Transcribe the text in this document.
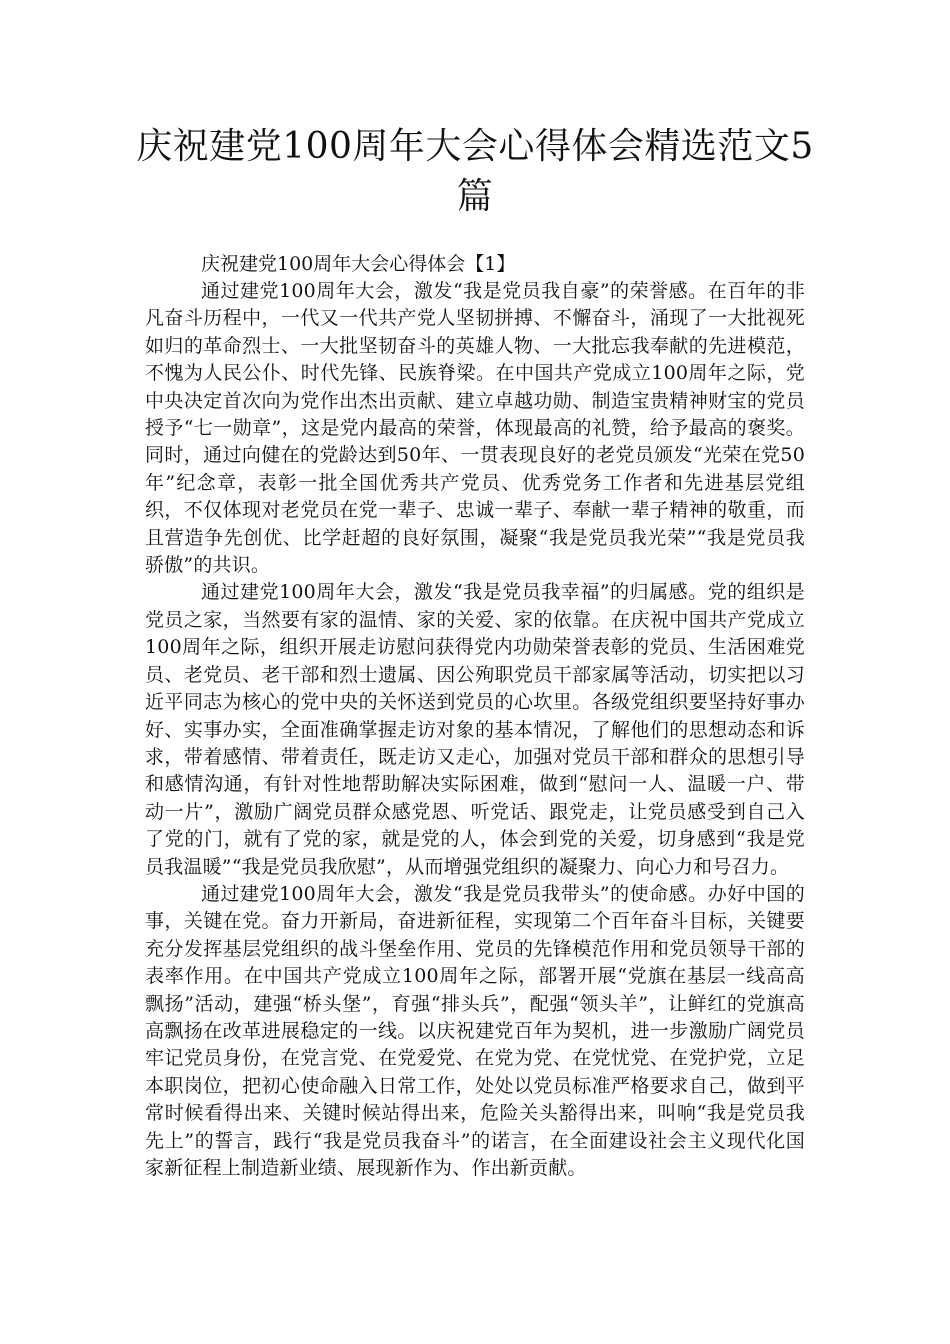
庆祝建党100周年大会心得体会精选范文5
篇

庆祝建党100周年大会心得体会【1】

通过建党100周年大会，激发“我是党员我自豪”的荣誉感。在百年的非凡奋斗历程中，一代又一代共产党人坚韧拼搏、不懈奋斗，涌现了一大批视死如归的革命烈士、一大批坚韧奋斗的英雄人物、一大批忘我奉献的先进模范，不愧为人民公仆、时代先锋、民族脊梁。在中国共产党成立100周年之际，党中央决定首次向为党作出杰出贡献、建立卓越功勋、制造宝贵精神财宝的党员授予“七一勋章”，这是党内最高的荣誉，体现最高的礼赞，给予最高的褒奖。同时，通过向健在的党龄达到50年、一贯表现良好的老党员颁发“光荣在党50年”纪念章，表彰一批全国优秀共产党员、优秀党务工作者和先进基层党组织，不仅体现对老党员在党一辈子、忠诚一辈子、奉献一辈子精神的敬重，而且营造争先创优、比学赶超的良好氛围，凝聚“我是党员我光荣”“我是党员我骄傲”的共识。

通过建党100周年大会，激发“我是党员我幸福”的归属感。党的组织是党员之家，当然要有家的温情、家的关爱、家的依靠。在庆祝中国共产党成立100周年之际，组织开展走访慰问获得党内功勋荣誉表彰的党员、生活困难党员、老党员、老干部和烈士遗属、因公殉职党员干部家属等活动，切实把以习近平同志为核心的党中央的关怀送到党员的心坎里。各级党组织要坚持好事办好、实事办实，全面准确掌握走访对象的基本情况，了解他们的思想动态和诉求，带着感情、带着责任，既走访又走心，加强对党员干部和群众的思想引导和感情沟通，有针对性地帮助解决实际困难，做到“慰问一人、温暖一户、带动一片”，激励广阔党员群众感党恩、听党话、跟党走，让党员感受到自己入了党的门，就有了党的家，就是党的人，体会到党的关爱，切身感到“我是党员我温暖”“我是党员我欣慰”，从而增强党组织的凝聚力、向心力和号召力。

通过建党100周年大会，激发“我是党员我带头”的使命感。办好中国的事，关键在党。奋力开新局，奋进新征程，实现第二个百年奋斗目标，关键要充分发挥基层党组织的战斗堡垒作用、党员的先锋模范作用和党员领导干部的表率作用。在中国共产党成立100周年之际，部署开展“党旗在基层一线高高飘扬”活动，建强“桥头堡”，育强“排头兵”，配强“领头羊”，让鲜红的党旗高高飘扬在改革进展稳定的一线。以庆祝建党百年为契机，进一步激励广阔党员牢记党员身份，在党言党、在党爱党、在党为党、在党忧党、在党护党，立足本职岗位，把初心使命融入日常工作，处处以党员标准严格要求自己，做到平常时候看得出来、关键时候站得出来，危险关头豁得出来，叫响“我是党员我先上”的誓言，践行“我是党员我奋斗”的诺言，在全面建设社会主义现代化国家新征程上制造新业绩、展现新作为、作出新贡献。
